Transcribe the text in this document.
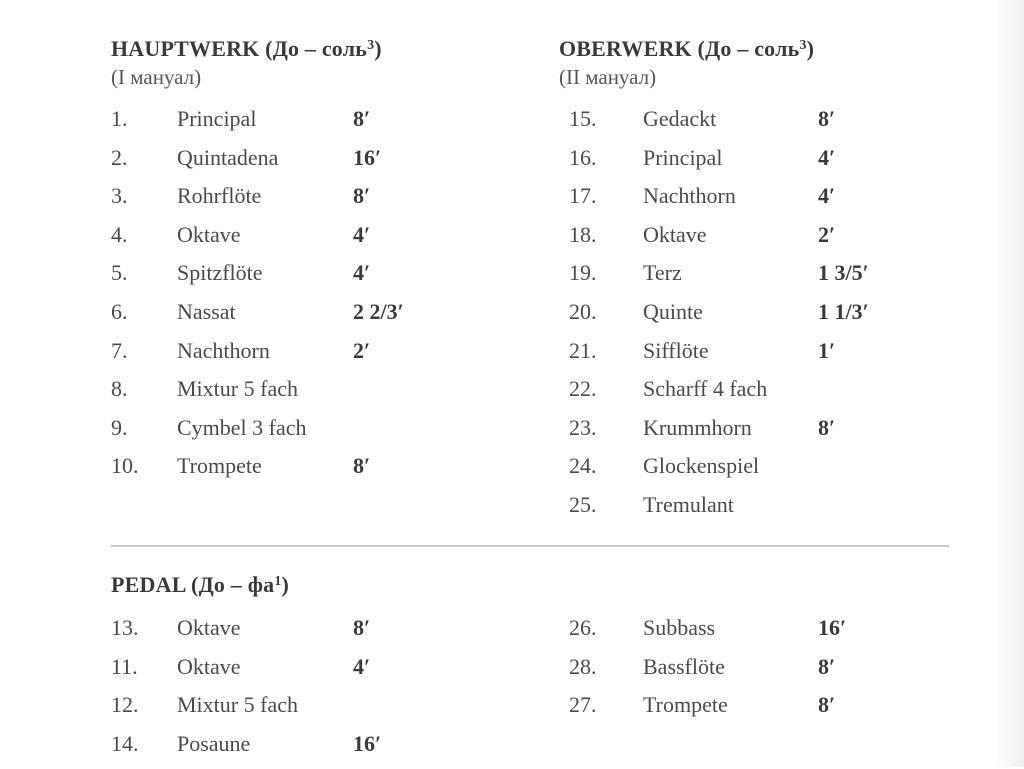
HAUPTWERK (До – соль$^3$)
(I мануал)
1. Principal	8′
2. Quintadena	16′
3. Rohrflöte	8′
4. Oktave	4′
5. Spitzflöte	4′
6. Nassat	2 2/3′
7. Nachthorn	2′
8. Mixtur 5 fach
9. Cymbel 3 fach
10. Trompete	8′
OBERWERK (До – соль$^3$)
(II мануал)
15. Gedackt	8′
16. Principal	4′
17. Nachthorn	4′
18. Oktave	2′
19. Terz	1 3/5′
20. Quinte	1 1/3′
21. Sifflöte	1′
22. Scharff 4 fach
23. Krummhorn	8′
24. Glockenspiel
25. Tremulant
PEDAL $(До - фа^1)$
13. Oktave	8′
11. Oktave	4′
12. Mixtur 5 fach
14. Posaune	16′
26. Subbass	16′
28. Bassflöte	8′
27. Trompete	8′
